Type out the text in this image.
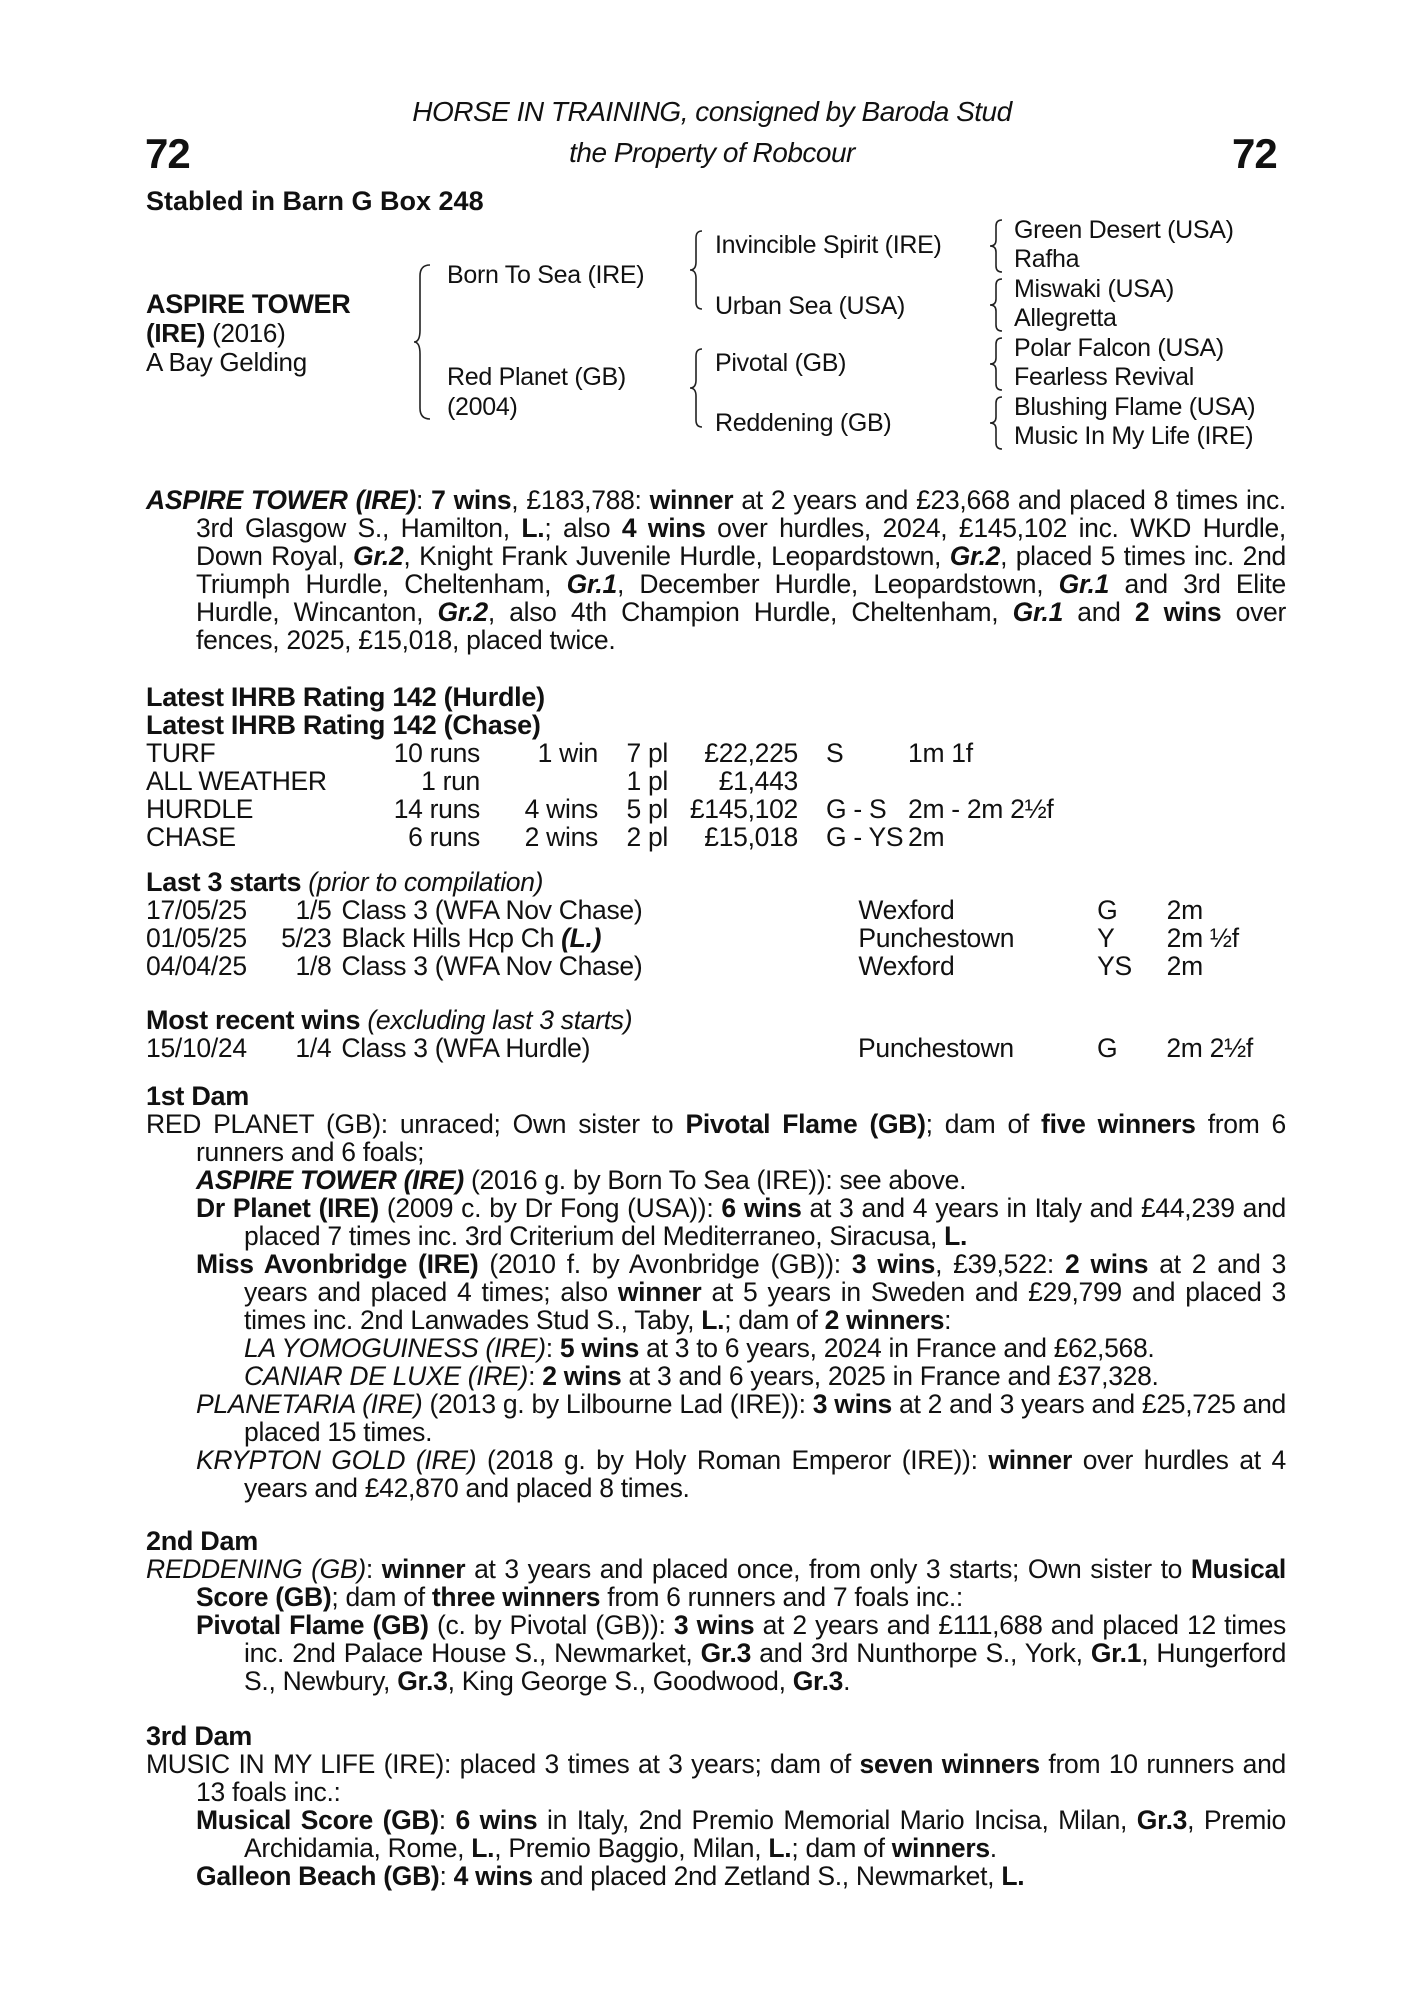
HORSE IN TRAINING, consigned by Baroda Stud
the Property of Robcour
72	72
Stabled in Barn G Box 248
ASPIRE TOWER
(IRE) (2016)
A Bay Gelding
Born To Sea (IRE)
Red Planet (GB)
(2004)
Invincible Spirit (IRE)
Urban Sea (USA)
Pivotal (GB)
Reddening (GB)
Green Desert (USA)
Rafha
Miswaki (USA)
Allegretta
Polar Falcon (USA)
Fearless Revival
Blushing Flame (USA)
Music In My Life (IRE)

ASPIRE TOWER (IRE): 7 wins, £183,788: winner at 2 years and £23,668 and placed 8 times inc. 3rd Glasgow S., Hamilton, L.; also 4 wins over hurdles, 2024, £145,102 inc. WKD Hurdle, Down Royal, Gr.2, Knight Frank Juvenile Hurdle, Leopardstown, Gr.2, placed 5 times inc. 2nd Triumph Hurdle, Cheltenham, Gr.1, December Hurdle, Leopardstown, Gr.1 and 3rd Elite Hurdle, Wincanton, Gr.2, also 4th Champion Hurdle, Cheltenham, Gr.1 and 2 wins over fences, 2025, £15,018, placed twice.

Latest IHRB Rating 142 (Hurdle)
Latest IHRB Rating 142 (Chase)
TURF	10 runs	1 win	7 pl	£22,225	S	1m 1f
ALL WEATHER	1 run		1 pl	£1,443		
HURDLE	14 runs	4 wins	5 pl	£145,102	G - S	2m - 2m 2½f
CHASE	6 runs	2 wins	2 pl	£15,018	G - YS	2m
Last 3 starts (prior to compilation)
17/05/25	1/5	Class 3 (WFA Nov Chase)	Wexford	G	2m
01/05/25	5/23	Black Hills Hcp Ch (L.)	Punchestown	Y	2m ½f
04/04/25	1/8	Class 3 (WFA Nov Chase)	Wexford	YS	2m
Most recent wins (excluding last 3 starts)
15/10/24	1/4	Class 3 (WFA Hurdle)	Punchestown	G	2m 2½f
1st Dam

RED PLANET (GB): unraced; Own sister to Pivotal Flame (GB); dam of five winners from 6 runners and 6 foals;

ASPIRE TOWER (IRE) (2016 g. by Born To Sea (IRE)): see above.

Dr Planet (IRE) (2009 c. by Dr Fong (USA)): 6 wins at 3 and 4 years in Italy and £44,239 and placed 7 times inc. 3rd Criterium del Mediterraneo, Siracusa, L.

Miss Avonbridge (IRE) (2010 f. by Avonbridge (GB)): 3 wins, £39,522: 2 wins at 2 and 3 years and placed 4 times; also winner at 5 years in Sweden and £29,799 and placed 3 times inc. 2nd Lanwades Stud S., Taby, L.; dam of 2 winners:

LA YOMOGUINESS (IRE): 5 wins at 3 to 6 years, 2024 in France and £62,568.

CANIAR DE LUXE (IRE): 2 wins at 3 and 6 years, 2025 in France and £37,328.

PLANETARIA (IRE) (2013 g. by Lilbourne Lad (IRE)): 3 wins at 2 and 3 years and £25,725 and placed 15 times.

KRYPTON GOLD (IRE) (2018 g. by Holy Roman Emperor (IRE)): winner over hurdles at 4 years and £42,870 and placed 8 times.

2nd Dam

REDDENING (GB): winner at 3 years and placed once, from only 3 starts; Own sister to Musical Score (GB); dam of three winners from 6 runners and 7 foals inc.:

Pivotal Flame (GB) (c. by Pivotal (GB)): 3 wins at 2 years and £111,688 and placed 12 times inc. 2nd Palace House S., Newmarket, Gr.3 and 3rd Nunthorpe S., York, Gr.1, Hungerford S., Newbury, Gr.3, King George S., Goodwood, Gr.3.

3rd Dam

MUSIC IN MY LIFE (IRE): placed 3 times at 3 years; dam of seven winners from 10 runners and 13 foals inc.:

Musical Score (GB): 6 wins in Italy, 2nd Premio Memorial Mario Incisa, Milan, Gr.3, Premio Archidamia, Rome, L., Premio Baggio, Milan, L.; dam of winners.

Galleon Beach (GB): 4 wins and placed 2nd Zetland S., Newmarket, L.
